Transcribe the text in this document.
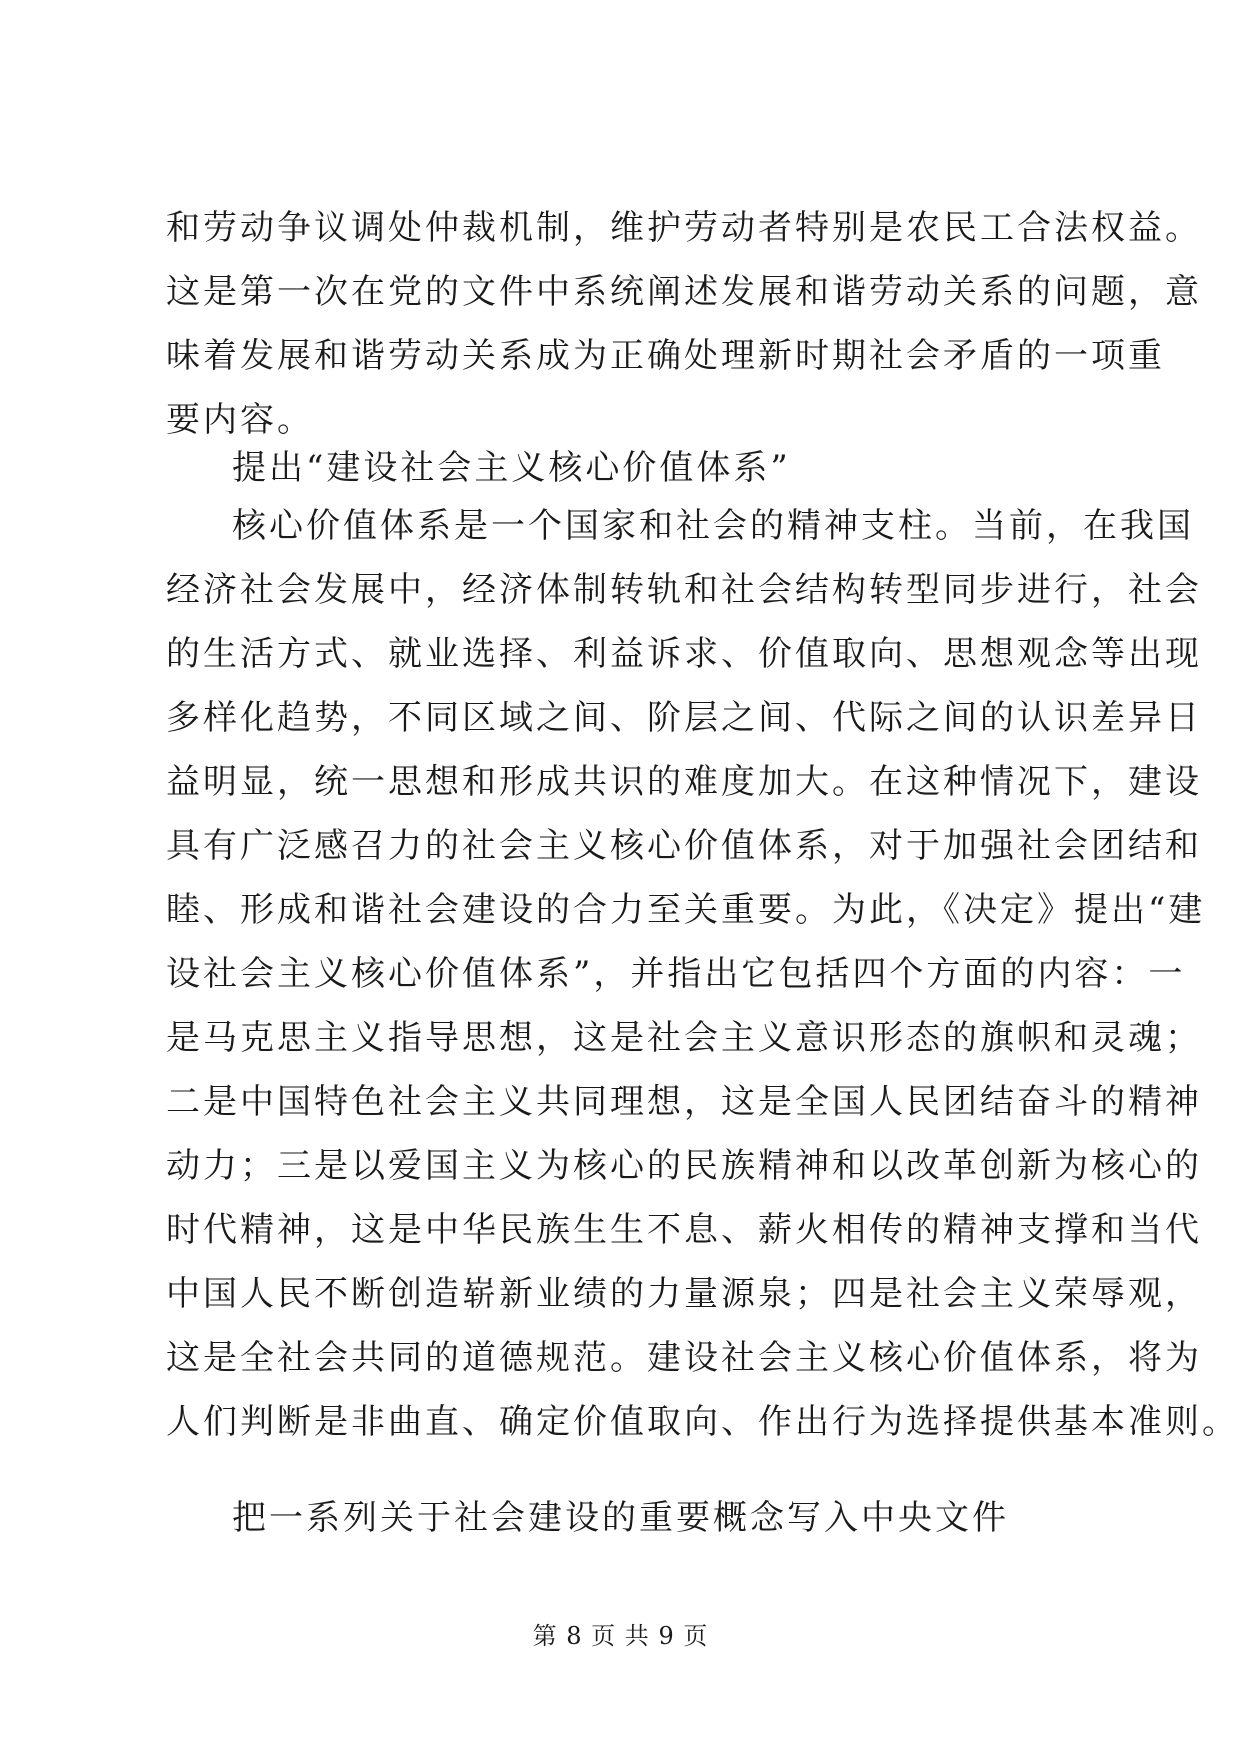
和劳动争议调处仲裁机制，维护劳动者特别是农民工合法权益。
这是第一次在党的文件中系统阐述发展和谐劳动关系的问题，意
味着发展和谐劳动关系成为正确处理新时期社会矛盾的一项重
要内容。
提出“建设社会主义核心价值体系”
核心价值体系是一个国家和社会的精神支柱。当前，在我国
经济社会发展中，经济体制转轨和社会结构转型同步进行，社会
的生活方式、就业选择、利益诉求、价值取向、思想观念等出现
多样化趋势，不同区域之间、阶层之间、代际之间的认识差异日
益明显，统一思想和形成共识的难度加大。在这种情况下，建设
具有广泛感召力的社会主义核心价值体系，对于加强社会团结和
睦、形成和谐社会建设的合力至关重要。为此，《决定》提出“建
设社会主义核心价值体系”，并指出它包括四个方面的内容：一
是马克思主义指导思想，这是社会主义意识形态的旗帜和灵魂；
二是中国特色社会主义共同理想，这是全国人民团结奋斗的精神
动力；三是以爱国主义为核心的民族精神和以改革创新为核心的
时代精神，这是中华民族生生不息、薪火相传的精神支撑和当代
中国人民不断创造崭新业绩的力量源泉；四是社会主义荣辱观，
这是全社会共同的道德规范。建设社会主义核心价值体系，将为
人们判断是非曲直、确定价值取向、作出行为选择提供基本准则。
把一系列关于社会建设的重要概念写入中央文件
第 8 页 共 9 页
